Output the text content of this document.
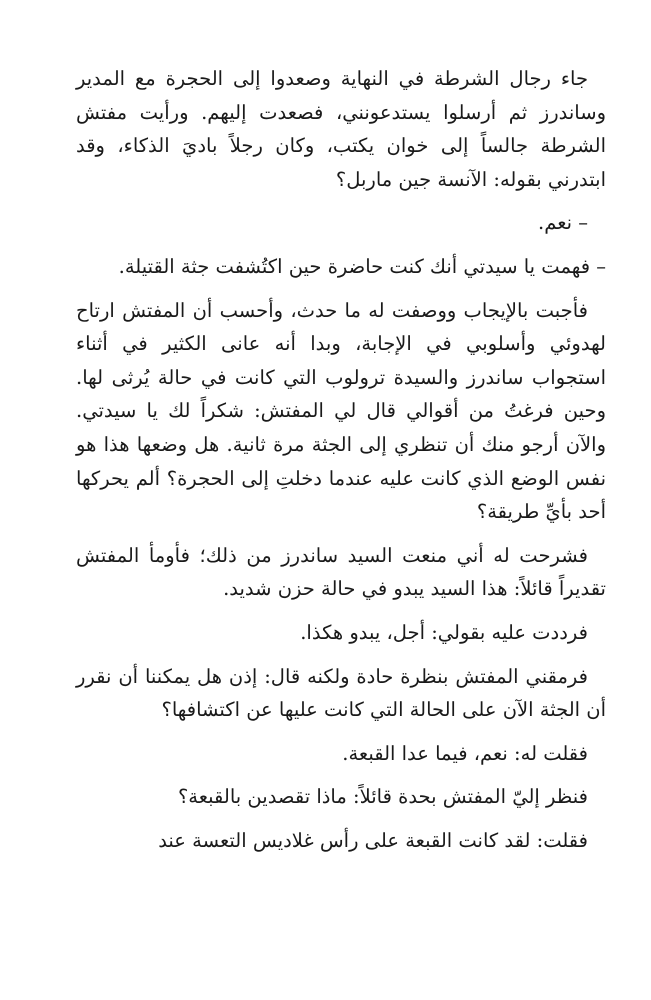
جاء رجال الشرطة في النهاية وصعدوا إلى الحجرة مع المدير وساندرز ثم أرسلوا يستدعونني، فصعدت إليهم. ورأيت مفتش الشرطة جالساً إلى خوان يكتب، وكان رجلاً باديَ الذكاء، وقد ابتدرني بقوله: الآنسة جين ماربل؟

– نعم.

– فهمت يا سيدتي أنك كنت حاضرة حين اكتُشفت جثة القتيلة.

فأجبت بالإيجاب ووصفت له ما حدث، وأحسب أن المفتش ارتاح لهدوئي وأسلوبي في الإجابة، وبدا أنه عانى الكثير في أثناء استجواب ساندرز والسيدة ترولوب التي كانت في حالة يُرثى لها. وحين فرغتُ من أقوالي قال لي المفتش: شكراً لك يا سيدتي. والآن أرجو منك أن تنظري إلى الجثة مرة ثانية. هل وضعها هذا هو نفس الوضع الذي كانت عليه عندما دخلتِ إلى الحجرة؟ ألم يحركها أحد بأيِّ طريقة؟

فشرحت له أني منعت السيد ساندرز من ذلك؛ فأومأ المفتش تقديراً قائلاً: هذا السيد يبدو في حالة حزن شديد.

فرددت عليه بقولي: أجل، يبدو هكذا.

فرمقني المفتش بنظرة حادة ولكنه قال: إذن هل يمكننا أن نقرر أن الجثة الآن على الحالة التي كانت عليها عن اكتشافها؟

فقلت له: نعم، فيما عدا القبعة.

فنظر إليّ المفتش بحدة قائلاً: ماذا تقصدين بالقبعة؟

فقلت: لقد كانت القبعة على رأس غلاديس التعسة عند
